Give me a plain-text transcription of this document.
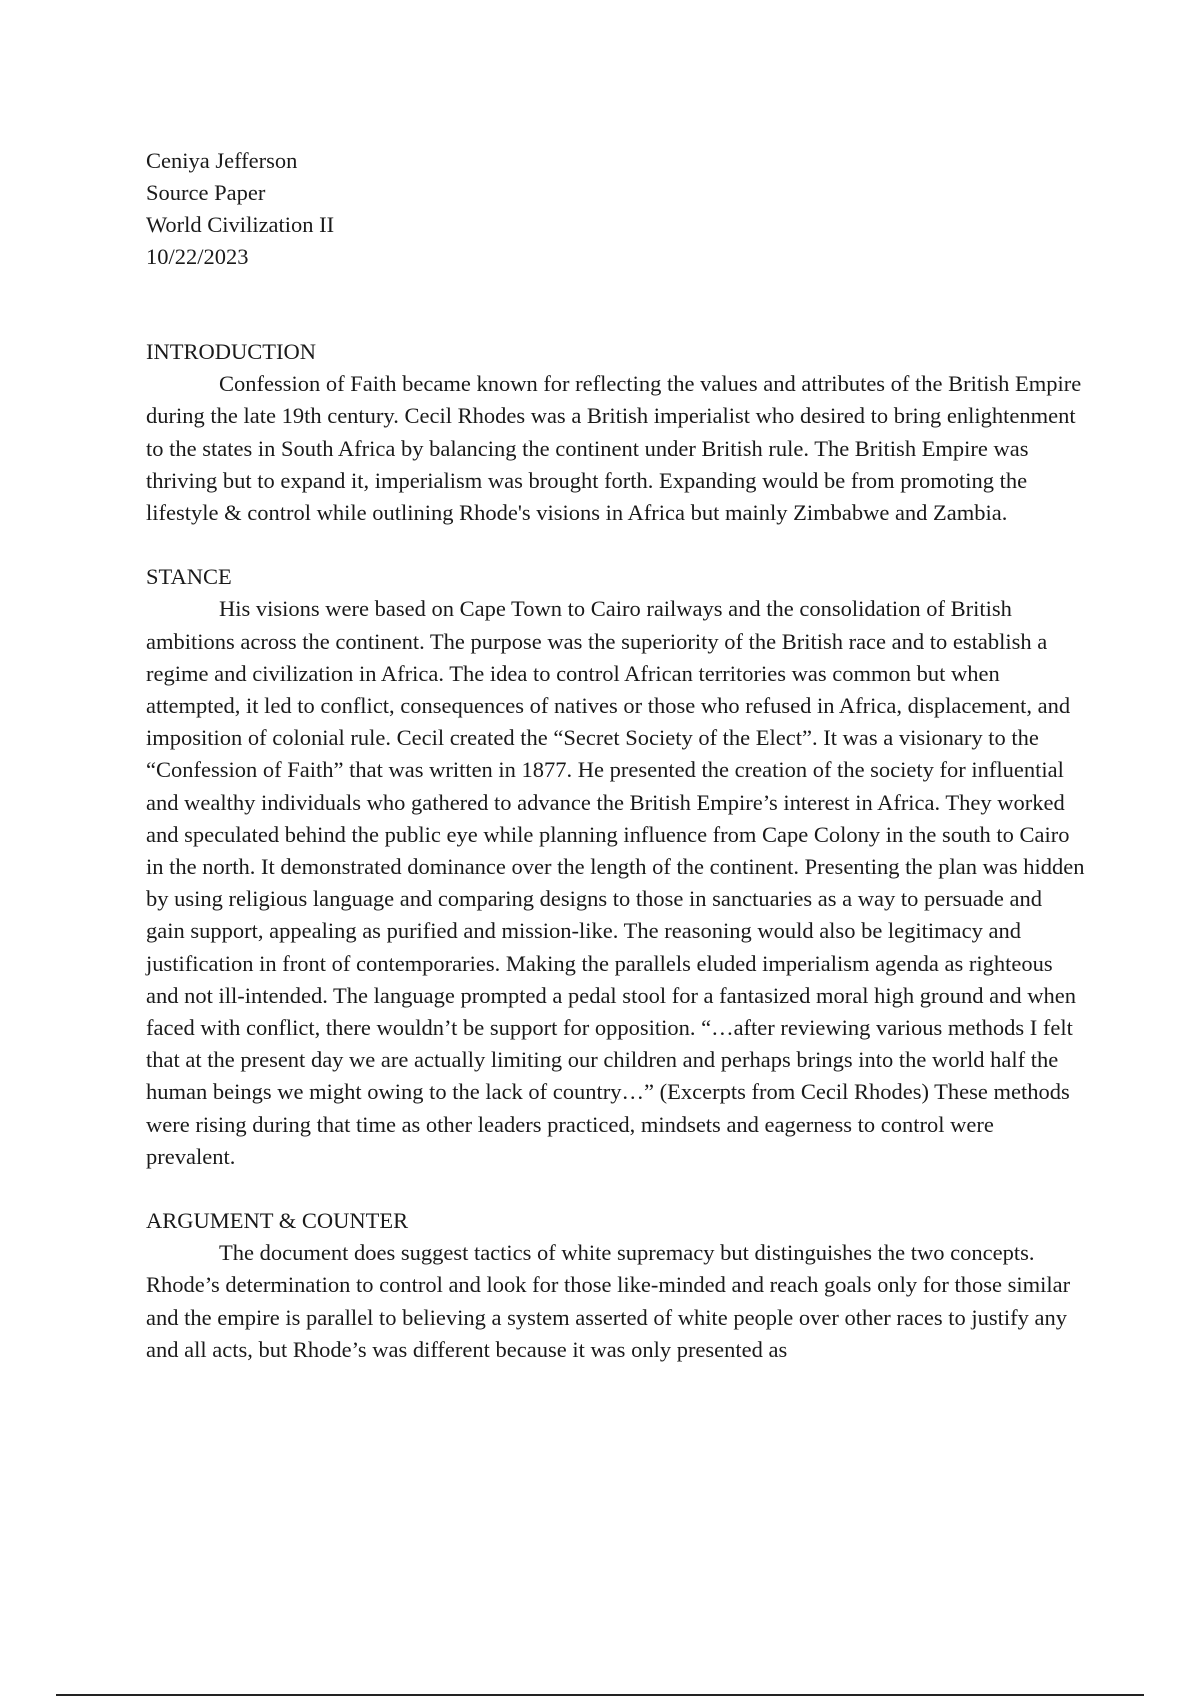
Ceniya Jefferson
Source Paper
World Civilization II
10/22/2023
INTRODUCTION

Confession of Faith became known for reflecting the values and attributes of the British Empire during the late 19th century. Cecil Rhodes was a British imperialist who desired to bring enlightenment to the states in South Africa by balancing the continent under British rule. The British Empire was thriving but to expand it, imperialism was brought forth. Expanding would be from promoting the lifestyle & control while outlining Rhode's visions in Africa but mainly Zimbabwe and Zambia.

STANCE

His visions were based on Cape Town to Cairo railways and the consolidation of British ambitions across the continent. The purpose was the superiority of the British race and to establish a regime and civilization in Africa. The idea to control African territories was common but when attempted, it led to conflict, consequences of natives or those who refused in Africa, displacement, and imposition of colonial rule. Cecil created the “Secret Society of the Elect”. It was a visionary to the “Confession of Faith” that was written in 1877. He presented the creation of the society for influential and wealthy individuals who gathered to advance the British Empire’s interest in Africa. They worked and speculated behind the public eye while planning influence from Cape Colony in the south to Cairo in the north. It demonstrated dominance over the length of the continent. Presenting the plan was hidden by using religious language and comparing designs to those in sanctuaries as a way to persuade and gain support, appealing as purified and mission-like. The reasoning would also be legitimacy and justification in front of contemporaries. Making the parallels eluded imperialism agenda as righteous and not ill-intended. The language prompted a pedal stool for a fantasized moral high ground and when faced with conflict, there wouldn’t be support for opposition. “…after reviewing various methods I felt that at the present day we are actually limiting our children and perhaps brings into the world half the human beings we might owing to the lack of country…” (Excerpts from Cecil Rhodes) These methods were rising during that time as other leaders practiced, mindsets and eagerness to control were prevalent.

ARGUMENT & COUNTER

The document does suggest tactics of white supremacy but distinguishes the two concepts. Rhode’s determination to control and look for those like-minded and reach goals only for those similar and the empire is parallel to believing a system asserted of white people over other races to justify any and all acts, but Rhode’s was different because it was only presented as
